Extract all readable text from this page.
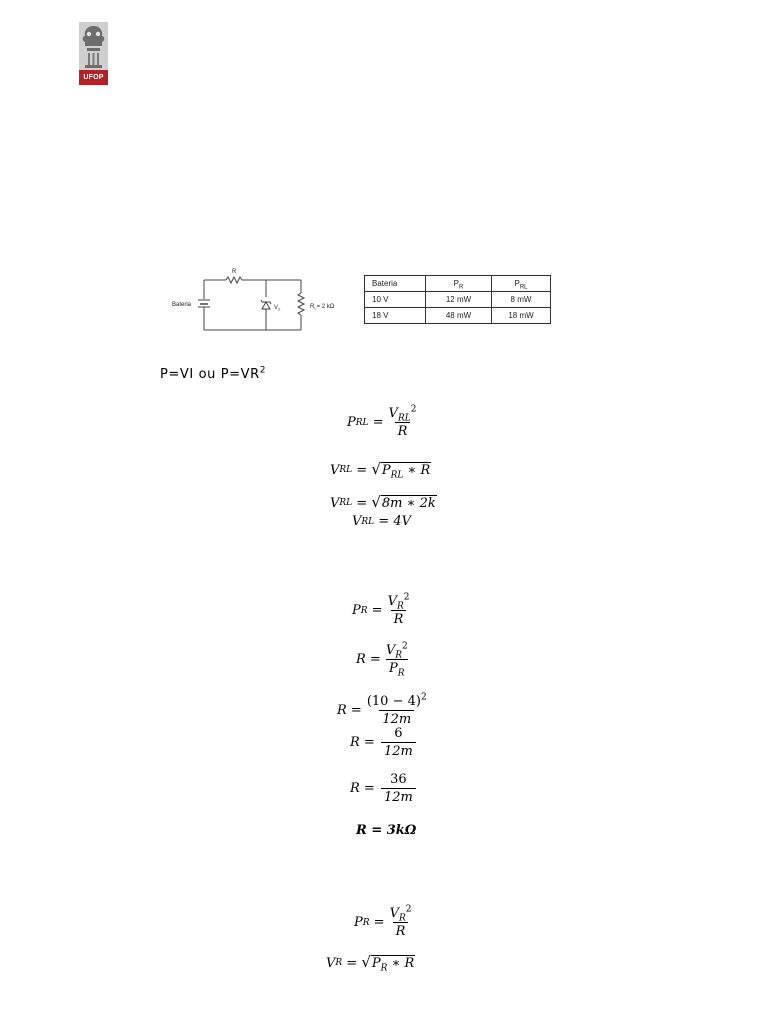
UFOP
R
Bateria	$V_Z$	$R_L= 2$ kΩ
Bateria	$P_R$	$P_{RL}$
10 V	12 mW	8 mW
18 V	48 mW	18 mW
P=VI ou $P=VR^2$
P RL = $\frac{V_{RL}^2}{R}$
V RL = √ $P_{RL}$ ∗ R
V RL = √ 8m ∗ 2k
V RL = 4V
P $R = \frac{V_R^2}{R}$
$R = \frac{V_R^2}{P_R}$
$R = \frac{(10 - 4)^2}{12m}$
$R = \frac{6}{12m}$
$R = \frac{36}{12m}$
R = 3kΩ
P $R = \frac{V_R^2}{R}$
V R = √ $P_R$ ∗ R
